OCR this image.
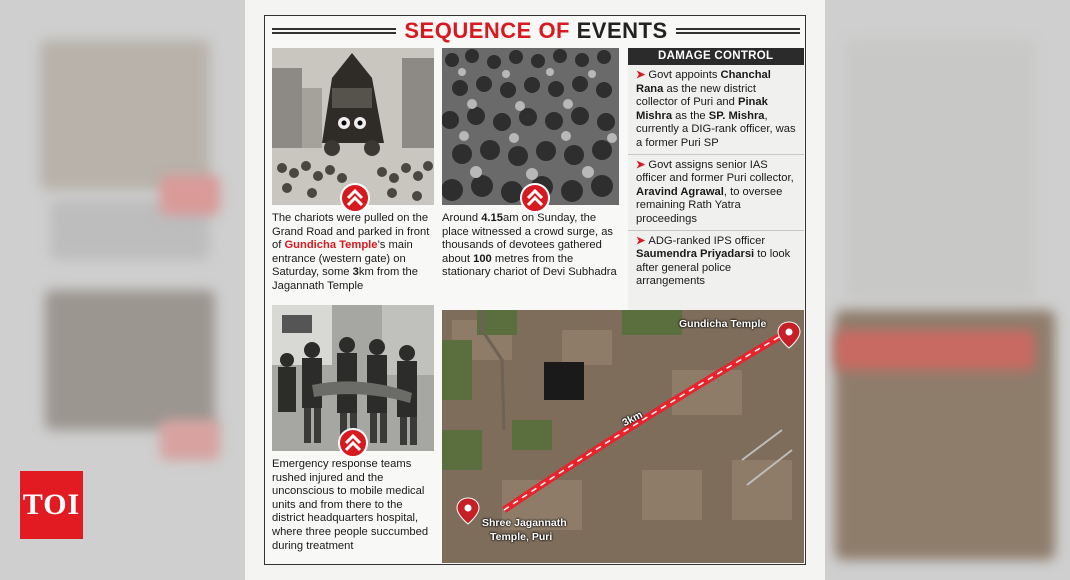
TOI
SEQUENCE OF EVENTS
The chariots were pulled on the Grand Road and parked in front of Gundicha Temple’s main entrance (western gate) on Saturday, some 3km from the Jagannath Temple
Around 4.15am on Sunday, the place witnessed a crowd surge, as thousands of devotees gathered about 100 metres from the stationary chariot of Devi Subhadra
Emergency response teams rushed injured and the unconscious to mobile medical units and from there to the district headquarters hospital, where three people succumbed during treatment
DAMAGE CONTROL
➤ Govt appoints Chanchal Rana as the new district collector of Puri and Pinak Mishra as the SP. Mishra, currently a DIG-rank officer, was a former Puri SP
➤ Govt assigns senior IAS officer and former Puri collector, Aravind Agrawal, to oversee remaining Rath Yatra proceedings
➤ ADG-ranked IPS officer Saumendra Priyadarsi to look after general police arrangements
Gundicha Temple
Shree Jagannath
Temple, Puri
3km
